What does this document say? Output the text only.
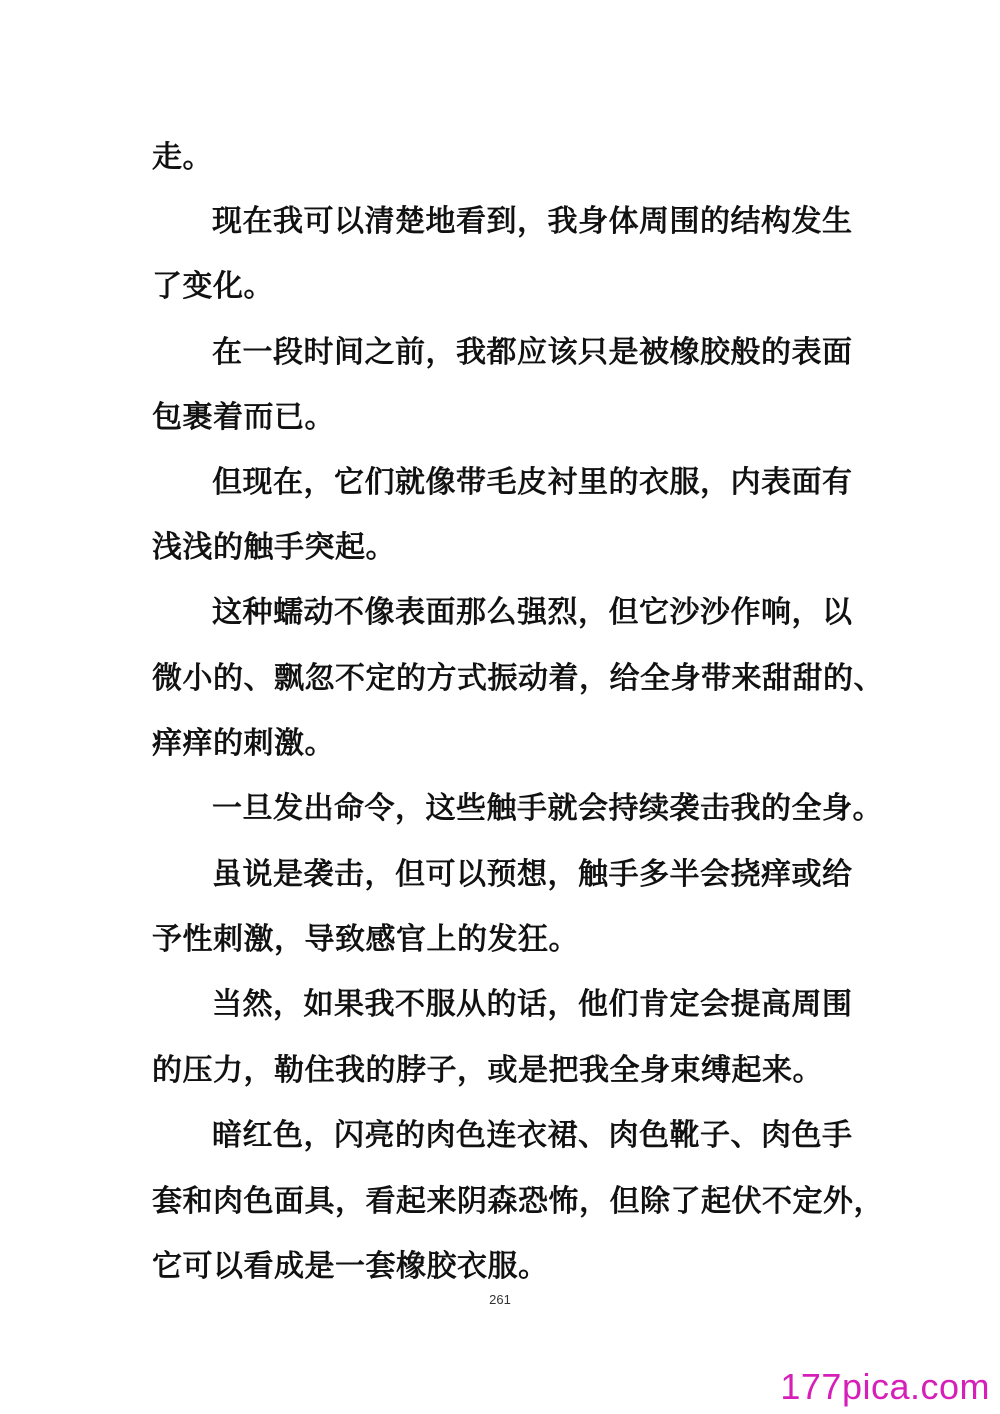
走。
现在我可以清楚地看到，我身体周围的结构发生
了变化。
在一段时间之前，我都应该只是被橡胶般的表面
包裹着而已。
但现在，它们就像带毛皮衬里的衣服，内表面有
浅浅的触手突起。
这种蠕动不像表面那么强烈，但它沙沙作响，以
微小的、飘忽不定的方式振动着，给全身带来甜甜的、
痒痒的刺激。
一旦发出命令，这些触手就会持续袭击我的全身。
虽说是袭击，但可以预想，触手多半会挠痒或给
予性刺激，导致感官上的发狂。
当然，如果我不服从的话，他们肯定会提高周围
的压力，勒住我的脖子，或是把我全身束缚起来。
暗红色，闪亮的肉色连衣裙、肉色靴子、肉色手
套和肉色面具，看起来阴森恐怖，但除了起伏不定外，
它可以看成是一套橡胶衣服。
261
177pica.com
